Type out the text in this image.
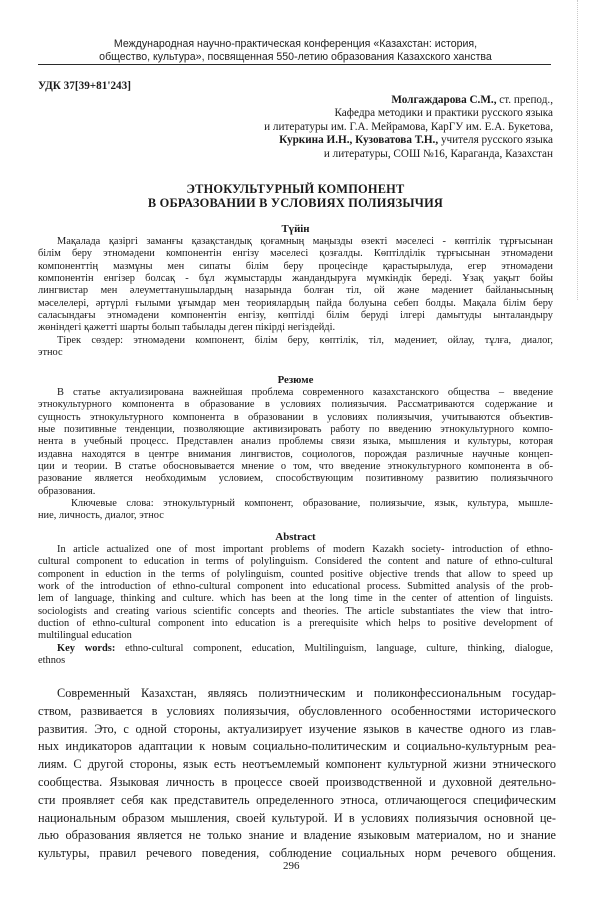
Международная научно-практическая конференция «Казахстан: история,
общество, культура», посвященная 550-летию образования Казахского ханства
УДК 37[39+81'243]
Молгаждарова С.М., ст. препод.,
Кафедра методики и практики русского языка
и литературы им. Г.А. Мейрамова, КарГУ им. Е.А. Букетова,
Куркина И.Н., Кузоватова Т.Н., учителя русского языка
и литературы, СОШ №16, Караганда, Казахстан
ЭТНОКУЛЬТУРНЫЙ КОМПОНЕНТ
В ОБРАЗОВАНИИ В УСЛОВИЯХ ПОЛИЯЗЫЧИЯ
Түйін
Мақалада қазіргі заманғы қазақстандық қоғамның маңызды өзекті мәселесі - көптілік тұрғысынан
білім беру этномәдени компонентін енгізу мәселесі қозғалды. Көптілділік тұрғысынан этномәдени
компоненттің мазмұны мен сипаты білім беру процесінде қарастырылуда, егер этномәдени
компонентін енгізер болсақ - бұл жұмыстарды жандандыруға мүмкіндік береді. Ұзақ уақыт бойы
лингвистар мен әлеуметтанушылардың назарында болған тіл, ой және мәдениет байланысының
мәселелері, әртүрлі ғылыми ұғымдар мен теориялардың пайда болуына себеп болды. Мақала білім беру
саласындағы этномәдени компонентін енгізу, көптілді білім беруді ілгері дамытуды ынталандыру
жөніндегі қажетті шарты болып табылады деген пікірді негіздейді.
Тірек сөздер: этномәдени компонент, білім беру, көптілік, тіл, мәдениет, ойлау, тұлға, диалог,
этнос
Резюме
В статье актуализирована важнейшая проблема современного казахстанского общества – введение
этнокультурного компонента в образование в условиях полиязычия. Рассматриваются содержание и
сущность этнокультурного компонента в образовании в условиях полиязычия, учитываются объектив-
ные позитивные тенденции, позволяющие активизировать работу по введению этнокультурного компо-
нента в учебный процесс. Представлен анализ проблемы связи языка, мышления и культуры, которая
издавна находятся в центре внимания лингвистов, социологов, порождая различные научные концеп-
ции и теории. В статье обосновывается мнение о том, что введение этнокультурного компонента в об-
разование является необходимым условием, способствующим позитивному развитию полиязычного
образования.
Ключевые слова: этнокультурный компонент, образование, полиязычие, язык, культура, мышле-
ние, личность, диалог, этнос
Abstract
In article actualized one of most important problems of modern Kazakh society- introduction of ethno-
cultural component to education in terms of polylinguism. Considered the content and nature of ethno-cultural
component in eduction in the terms of polylinguism, counted positive objective trends that allow to speed up
work of the introduction of ethno-cultural component into educational process. Submitted analysis of the prob-
lem of language, thinking and culture. which has been at the long time in the center of attention of linguists.
sociologists and creating various scientific concepts and theories. The article substantiates the view that intro-
duction of ethno-cultural component into education is a prerequisite which helps to positive development of
multilingual education
Key words: ethno-cultural component, education, Multilinguism, language, culture, thinking, dialogue,
ethnos
Современный Казахстан, являясь полиэтническим и поликонфессиональным государ-
ством, развивается в условиях полиязычия, обусловленного особенностями исторического
развития. Это, с одной стороны, актуализирует изучение языков в качестве одного из глав-
ных индикаторов адаптации к новым социально-политическим и социально-культурным реа-
лиям. С другой стороны, язык есть неотъемлемый компонент культурной жизни этнического
сообщества. Языковая личность в процессе своей производственной и духовной деятельно-
сти проявляет себя как представитель определенного этноса, отличающегося специфическим
национальным образом мышления, своей культурой. И в условиях полиязычия основной це-
лью образования является не только знание и владение языковым материалом, но и знание
культуры, правил речевого поведения, соблюдение социальных норм речевого общения.
296
